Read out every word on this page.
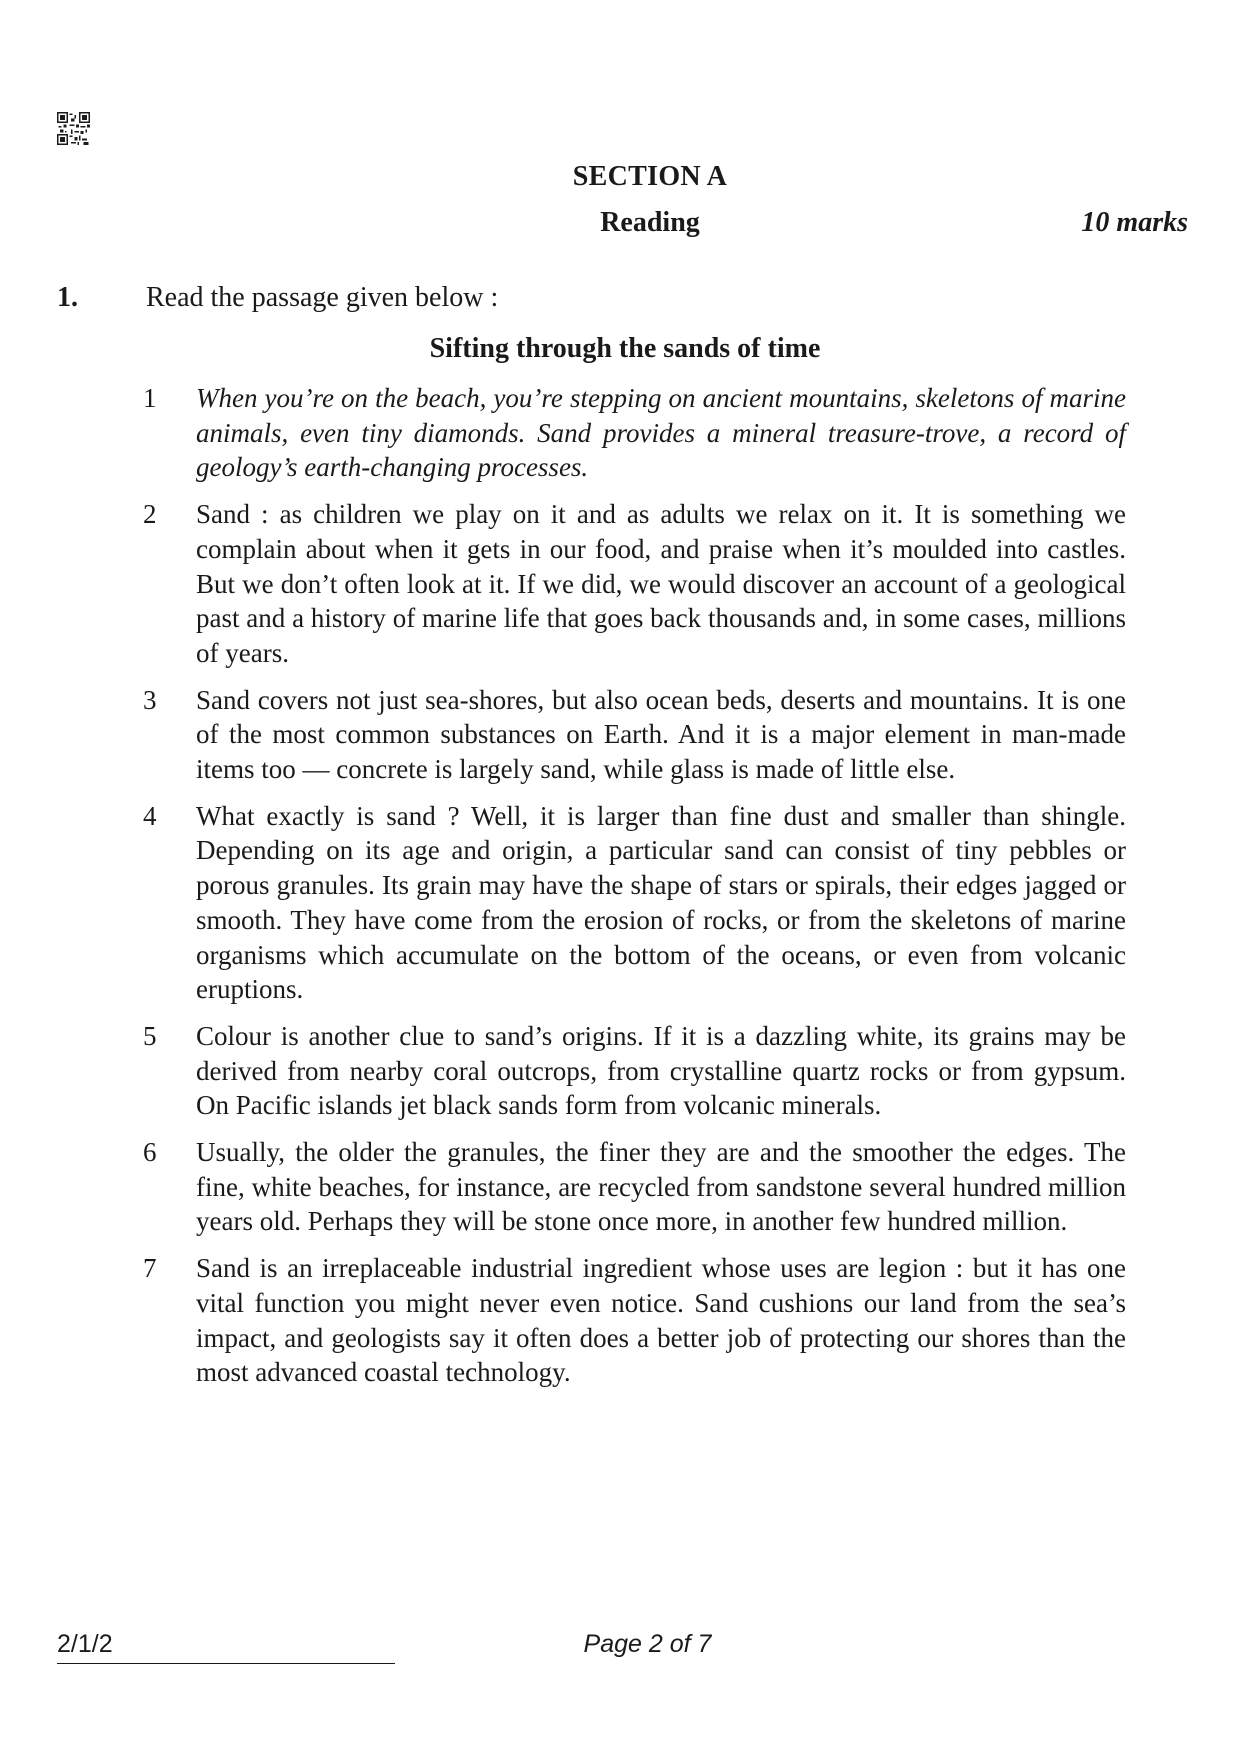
SECTION A
Reading	10 marks
1. Read the passage given below :
Sifting through the sands of time
1	When you’re on the beach, you’re stepping on ancient mountains, skeletons of marine animals, even tiny diamonds. Sand provides a mineral treasure-trove, a record of geology’s earth-changing processes.
2	Sand : as children we play on it and as adults we relax on it. It is something we complain about when it gets in our food, and praise when it’s moulded into castles. But we don’t often look at it. If we did, we would discover an account of a geological past and a history of marine life that goes back thousands and, in some cases, millions of years.
3	Sand covers not just sea-shores, but also ocean beds, deserts and mountains. It is one of the most common substances on Earth. And it is a major element in man-made items too — concrete is largely sand, while glass is made of little else.
4	What exactly is sand ? Well, it is larger than fine dust and smaller than shingle. Depending on its age and origin, a particular sand can consist of tiny pebbles or porous granules. Its grain may have the shape of stars or spirals, their edges jagged or smooth. They have come from the erosion of rocks, or from the skeletons of marine organisms which accumulate on the bottom of the oceans, or even from volcanic eruptions.
5	Colour is another clue to sand’s origins. If it is a dazzling white, its grains may be derived from nearby coral outcrops, from crystalline quartz rocks or from gypsum. On Pacific islands jet black sands form from volcanic minerals.
6	Usually, the older the granules, the finer they are and the smoother the edges. The fine, white beaches, for instance, are recycled from sandstone several hundred million years old. Perhaps they will be stone once more, in another few hundred million.
7	Sand is an irreplaceable industrial ingredient whose uses are legion : but it has one vital function you might never even notice. Sand cushions our land from the sea’s impact, and geologists say it often does a better job of protecting our shores than the most advanced coastal technology.
2/1/2	Page 2 of 7
